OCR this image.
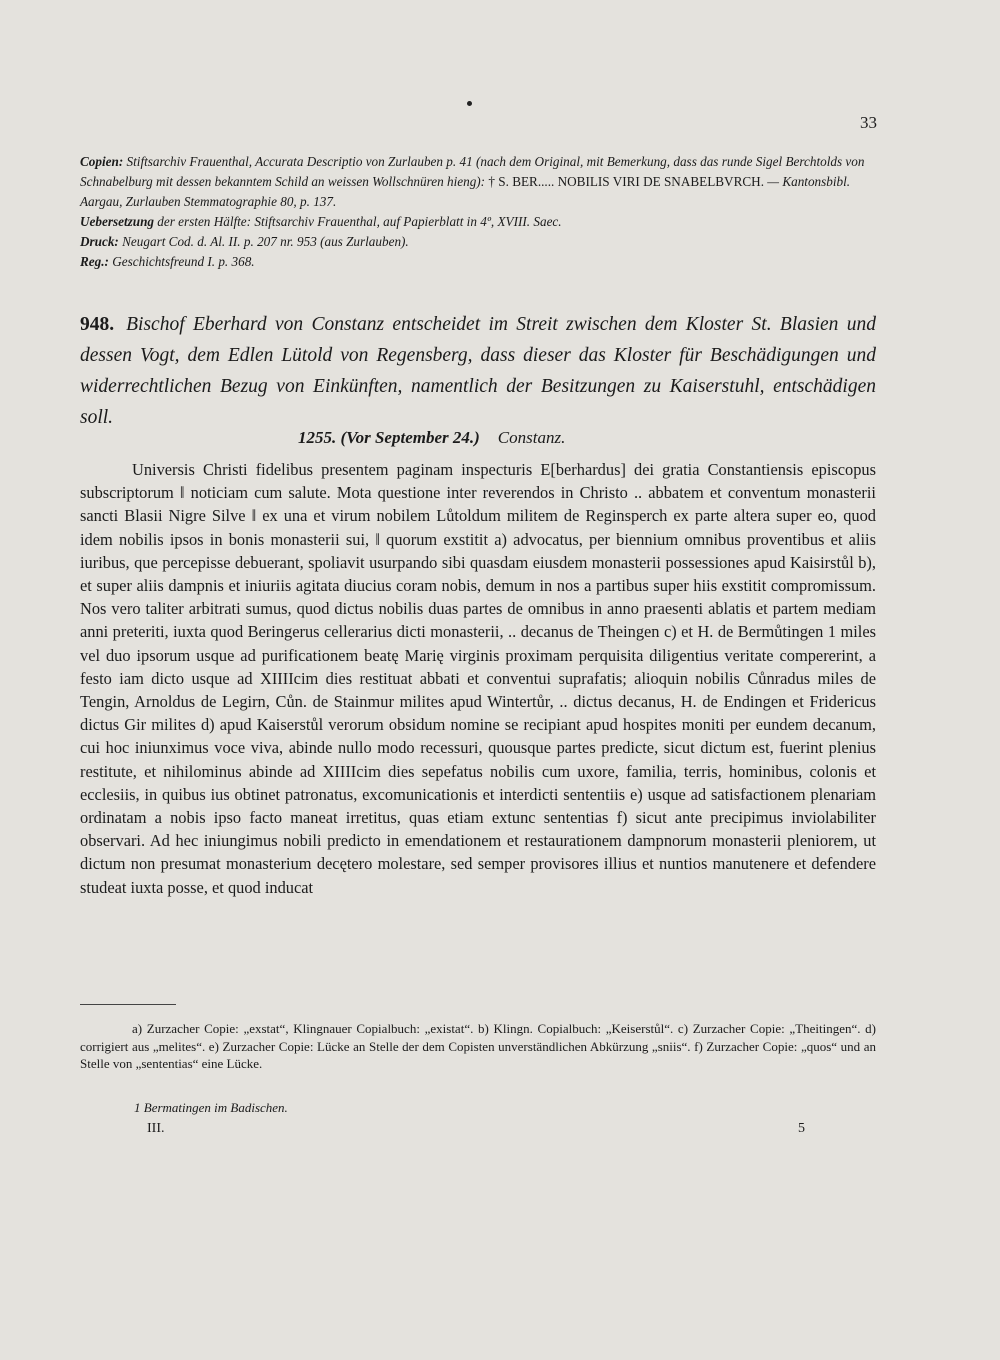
33

Copien: Stiftsarchiv Frauenthal, Accurata Descriptio von Zurlauben p. 41 (nach dem Original, mit Bemerkung, dass das runde Sigel Berchtolds von Schnabelburg mit dessen bekanntem Schild an weissen Wollschnüren hieng): † S. BER..... NOBILIS VIRI DE SNABELBVRCH. — Kantonsbibl. Aargau, Zurlauben Stemmatographie 80, p. 137.

Uebersetzung der ersten Hälfte: Stiftsarchiv Frauenthal, auf Papierblatt in 4º, XVIII. Saec.

Druck: Neugart Cod. d. Al. II. p. 207 nr. 953 (aus Zurlauben).

Reg.: Geschichtsfreund I. p. 368.

948. Bischof Eberhard von Constanz entscheidet im Streit zwischen dem Kloster St. Blasien und dessen Vogt, dem Edlen Lütold von Regensberg, dass dieser das Kloster für Beschädigungen und widerrechtlichen Bezug von Einkünften, namentlich der Besitzungen zu Kaiserstuhl, entschädigen soll.
1255. (Vor September 24.) Constanz.

Universis Christi fidelibus presentem paginam inspecturis E[berhardus] dei gratia Constantiensis episcopus subscriptorum ‖ noticiam cum salute. Mota questione inter reverendos in Christo .. abbatem et conventum monasterii sancti Blasii Nigre Silve ‖ ex una et virum nobilem Lůtoldum militem de Reginsperch ex parte altera super eo, quod idem nobilis ipsos in bonis monasterii sui, ‖ quorum exstitit a) advocatus, per biennium omnibus proventibus et aliis iuribus, que percepisse debuerant, spoliavit usurpando sibi quasdam eiusdem monasterii possessiones apud Kaisirstůl b), et super aliis dampnis et iniuriis agitata diucius coram nobis, demum in nos a partibus super hiis exstitit compromissum. Nos vero taliter arbitrati sumus, quod dictus nobilis duas partes de omnibus in anno praesenti ablatis et partem mediam anni preteriti, iuxta quod Beringerus cellerarius dicti monasterii, .. decanus de Theingen c) et H. de Bermůtingen 1 miles vel duo ipsorum usque ad purificationem beatę Marię virginis proximam perquisita diligentius veritate compererint, a festo iam dicto usque ad XIIIIcim dies restituat abbati et conventui suprafatis; alioquin nobilis Cůnradus miles de Tengin, Arnoldus de Legirn, Cůn. de Stainmur milites apud Wintertůr, .. dictus decanus, H. de Endingen et Fridericus dictus Gir milites d) apud Kaiserstůl verorum obsidum nomine se recipiant apud hospites moniti per eundem decanum, cui hoc iniunximus voce viva, abinde nullo modo recessuri, quousque partes predicte, sicut dictum est, fuerint plenius restitute, et nihilominus abinde ad XIIIIcim dies sepefatus nobilis cum uxore, familia, terris, hominibus, colonis et ecclesiis, in quibus ius obtinet patronatus, excomunicationis et interdicti sententiis e) usque ad satisfactionem plenariam ordinatam a nobis ipso facto maneat irretitus, quas etiam extunc sententias f) sicut ante precipimus inviolabiliter observari. Ad hec iniungimus nobili predicto in emendationem et restaurationem dampnorum monasterii pleniorem, ut dictum non presumat monasterium decętero molestare, sed semper provisores illius et nuntios manutenere et defendere studeat iuxta posse, et quod inducat

a) Zurzacher Copie: „exstat“, Klingnauer Copialbuch: „existat“. b) Klingn. Copialbuch: „Keiserstůl“. c) Zurzacher Copie: „Theitingen“. d) corrigiert aus „melites“. e) Zurzacher Copie: Lücke an Stelle der dem Copisten unverständlichen Abkürzung „sniis“. f) Zurzacher Copie: „quos“ und an Stelle von „sententias“ eine Lücke.

1 Bermatingen im Badischen.
III.	5
